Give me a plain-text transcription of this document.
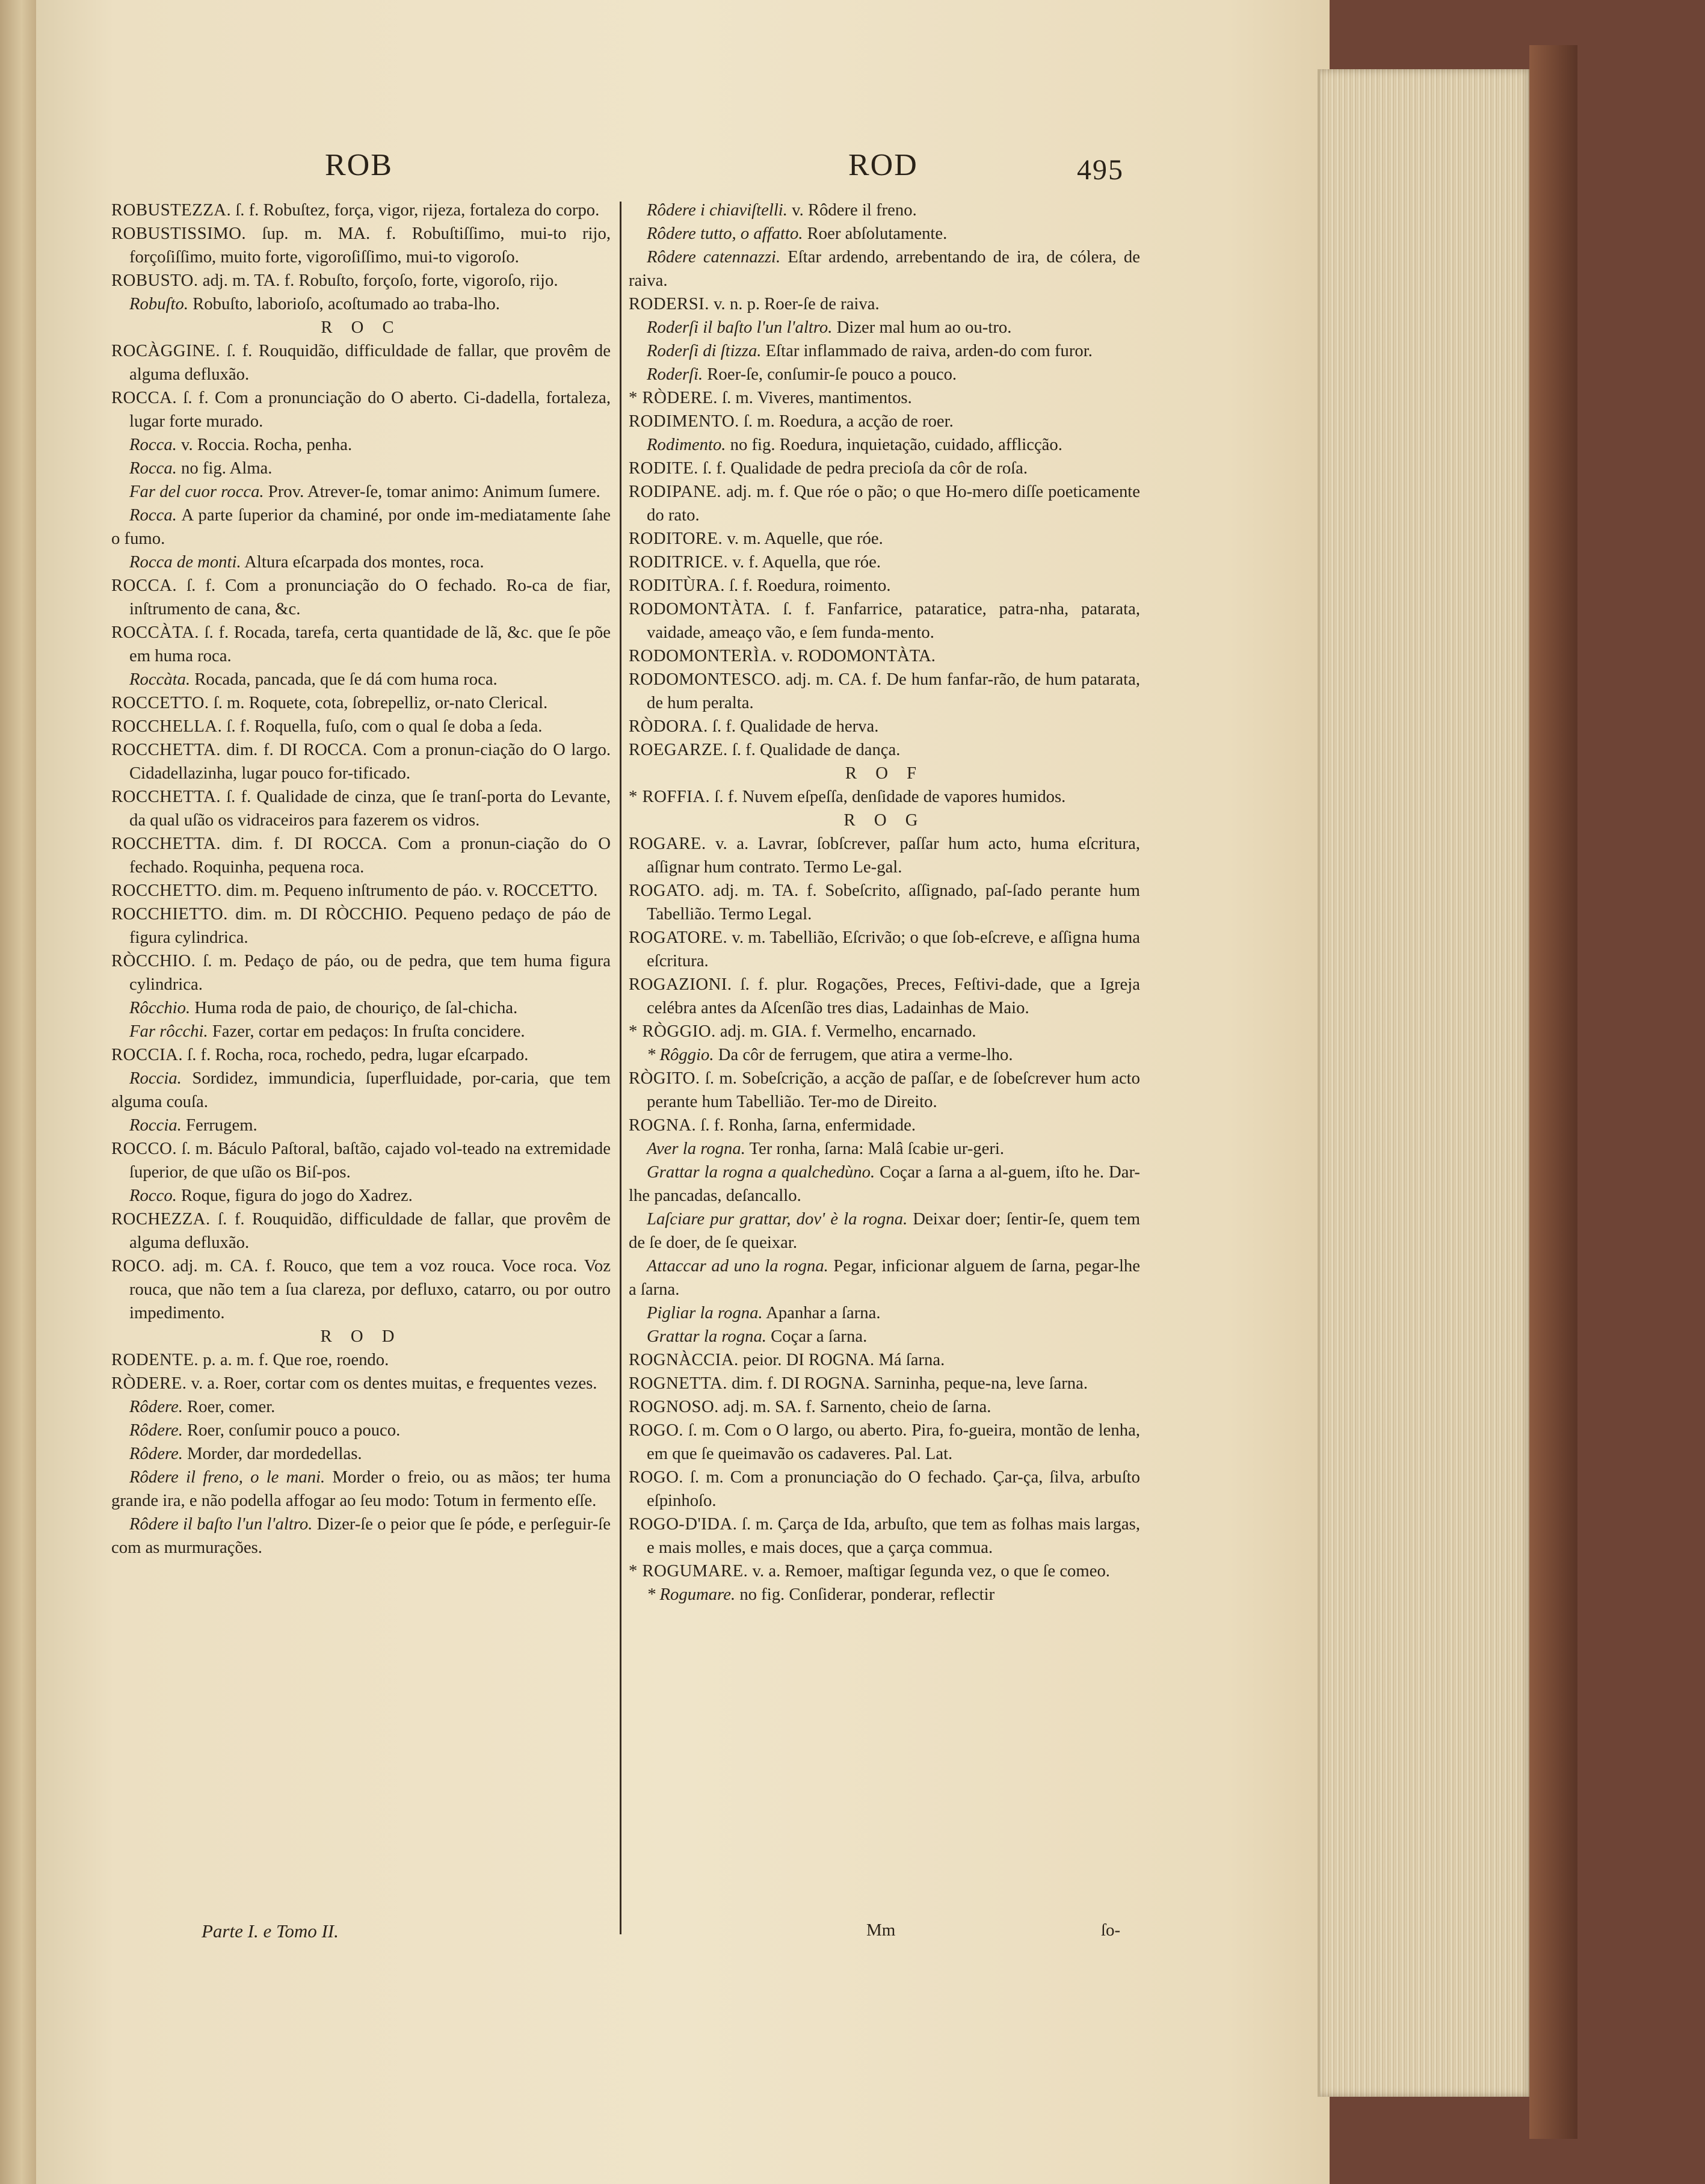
ROB	ROD	495
ROBUSTEZZA. ſ. f. Robuſtez, força, vigor, rijeza, fortaleza do corpo.
ROBUSTISSIMO. ſup. m. MA. f. Robuſtiſſimo, mui-to rijo, forçoſiſſimo, muito forte, vigoroſiſſimo, mui-to vigoroſo.
ROBUSTO. adj. m. TA. f. Robuſto, forçoſo, forte, vigoroſo, rijo.
Robuſto. Robuſto, laborioſo, acoſtumado ao traba-lho.
R O C
ROCÀGGINE. ſ. f. Rouquidão, difficuldade de fallar, que provêm de alguma defluxão.
ROCCA. ſ. f. Com a pronunciação do O aberto. Ci-dadella, fortaleza, lugar forte murado.
Rocca. v. Roccia. Rocha, penha.
Rocca. no fig. Alma.
Far del cuor rocca. Prov. Atrever-ſe, tomar animo: Animum ſumere.
Rocca. A parte ſuperior da chaminé, por onde im-mediatamente ſahe o fumo.
Rocca de monti. Altura eſcarpada dos montes, roca.
ROCCA. ſ. f. Com a pronunciação do O fechado. Ro-ca de fiar, inſtrumento de cana, &c.
ROCCÀTA. ſ. f. Rocada, tarefa, certa quantidade de lã, &c. que ſe põe em huma roca.
Roccàta. Rocada, pancada, que ſe dá com huma roca.
ROCCETTO. ſ. m. Roquete, cota, ſobrepelliz, or-nato Clerical.
ROCCHELLA. ſ. f. Roquella, fuſo, com o qual ſe doba a ſeda.
ROCCHETTA. dim. f. DI ROCCA. Com a pronun-ciação do O largo. Cidadellazinha, lugar pouco for-tificado.
ROCCHETTA. ſ. f. Qualidade de cinza, que ſe tranſ-porta do Levante, da qual uſão os vidraceiros para fazerem os vidros.
ROCCHETTA. dim. f. DI ROCCA. Com a pronun-ciação do O fechado. Roquinha, pequena roca.
ROCCHETTO. dim. m. Pequeno inſtrumento de páo. v. ROCCETTO.
ROCCHIETTO. dim. m. DI RÒCCHIO. Pequeno pedaço de páo de figura cylindrica.
RÒCCHIO. ſ. m. Pedaço de páo, ou de pedra, que tem huma figura cylindrica.
Rôcchio. Huma roda de paio, de chouriço, de ſal-chicha.
Far rôcchi. Fazer, cortar em pedaços: In fruſta concidere.
ROCCIA. ſ. f. Rocha, roca, rochedo, pedra, lugar eſcarpado.
Roccia. Sordidez, immundicia, ſuperfluidade, por-caria, que tem alguma couſa.
Roccia. Ferrugem.
ROCCO. ſ. m. Báculo Paſtoral, baſtão, cajado vol-teado na extremidade ſuperior, de que uſão os Biſ-pos.
Rocco. Roque, figura do jogo do Xadrez.
ROCHEZZA. ſ. f. Rouquidão, difficuldade de fallar, que provêm de alguma defluxão.
ROCO. adj. m. CA. f. Rouco, que tem a voz rouca. Voce roca. Voz rouca, que não tem a ſua clareza, por defluxo, catarro, ou por outro impedimento.
R O D
RODENTE. p. a. m. f. Que roe, roendo.
RÒDERE. v. a. Roer, cortar com os dentes muitas, e frequentes vezes.
Rôdere. Roer, comer.
Rôdere. Roer, conſumir pouco a pouco.
Rôdere. Morder, dar mordedellas.
Rôdere il freno, o le mani. Morder o freio, ou as mãos; ter huma grande ira, e não podella affogar ao ſeu modo: Totum in fermento eſſe.
Rôdere il baſto l'un l'altro. Dizer-ſe o peior que ſe póde, e perſeguir-ſe com as murmurações.
Rôdere i chiaviſtelli. v. Rôdere il freno.
Rôdere tutto, o affatto. Roer abſolutamente.
Rôdere catennazzi. Eſtar ardendo, arrebentando de ira, de cólera, de raiva.
RODERSI. v. n. p. Roer-ſe de raiva.
Roderſi il baſto l'un l'altro. Dizer mal hum ao ou-tro.
Roderſi di ſtizza. Eſtar inflammado de raiva, arden-do com furor.
Roderſi. Roer-ſe, conſumir-ſe pouco a pouco.
* RÒDERE. ſ. m. Viveres, mantimentos.
RODIMENTO. ſ. m. Roedura, a acção de roer.
Rodimento. no fig. Roedura, inquietação, cuidado, afflicção.
RODITE. ſ. f. Qualidade de pedra precioſa da côr de roſa.
RODIPANE. adj. m. f. Que róe o pão; o que Ho-mero diſſe poeticamente do rato.
RODITORE. v. m. Aquelle, que róe.
RODITRICE. v. f. Aquella, que róe.
RODITÙRA. ſ. f. Roedura, roimento.
RODOMONTÀTA. ſ. f. Fanfarrice, pataratice, patra-nha, patarata, vaidade, ameaço vão, e ſem funda-mento.
RODOMONTERÌA. v. RODOMONTÀTA.
RODOMONTESCO. adj. m. CA. f. De hum fanfar-rão, de hum patarata, de hum peralta.
RÒDORA. ſ. f. Qualidade de herva.
ROEGARZE. ſ. f. Qualidade de dança.
R O F
* ROFFIA. ſ. f. Nuvem eſpeſſa, denſidade de vapores humidos.
R O G
ROGARE. v. a. Lavrar, ſobſcrever, paſſar hum acto, huma eſcritura, aſſignar hum contrato. Termo Le-gal.
ROGATO. adj. m. TA. f. Sobeſcrito, aſſignado, paſ-ſado perante hum Tabellião. Termo Legal.
ROGATORE. v. m. Tabellião, Eſcrivão; o que ſob-eſcreve, e aſſigna huma eſcritura.
ROGAZIONI. ſ. f. plur. Rogações, Preces, Feſtivi-dade, que a Igreja celébra antes da Aſcenſão tres dias, Ladainhas de Maio.
* RÒGGIO. adj. m. GIA. f. Vermelho, encarnado.
* Rôggio. Da côr de ferrugem, que atira a verme-lho.
RÒGITO. ſ. m. Sobeſcrição, a acção de paſſar, e de ſobeſcrever hum acto perante hum Tabellião. Ter-mo de Direito.
ROGNA. ſ. f. Ronha, ſarna, enfermidade.
Aver la rogna. Ter ronha, ſarna: Malâ ſcabie ur-geri.
Grattar la rogna a qualchedùno. Coçar a ſarna a al-guem, iſto he. Dar-lhe pancadas, deſancallo.
Laſciare pur grattar, dov' è la rogna. Deixar doer; ſentir-ſe, quem tem de ſe doer, de ſe queixar.
Attaccar ad uno la rogna. Pegar, inficionar alguem de ſarna, pegar-lhe a ſarna.
Pigliar la rogna. Apanhar a ſarna.
Grattar la rogna. Coçar a ſarna.
ROGNÀCCIA. peior. DI ROGNA. Má ſarna.
ROGNETTA. dim. f. DI ROGNA. Sarninha, peque-na, leve ſarna.
ROGNOSO. adj. m. SA. f. Sarnento, cheio de ſarna.
ROGO. ſ. m. Com o O largo, ou aberto. Pira, fo-gueira, montão de lenha, em que ſe queimavão os cadaveres. Pal. Lat.
ROGO. ſ. m. Com a pronunciação do O fechado. Çar-ça, ſilva, arbuſto eſpinhoſo.
ROGO-D'IDA. ſ. m. Çarça de Ida, arbuſto, que tem as folhas mais largas, e mais molles, e mais doces, que a çarça commua.
* ROGUMARE. v. a. Remoer, maſtigar ſegunda vez, o que ſe comeo.
* Rogumare. no fig. Conſiderar, ponderar, reflectir
Parte I. e Tomo II.	Mm	ſo-
